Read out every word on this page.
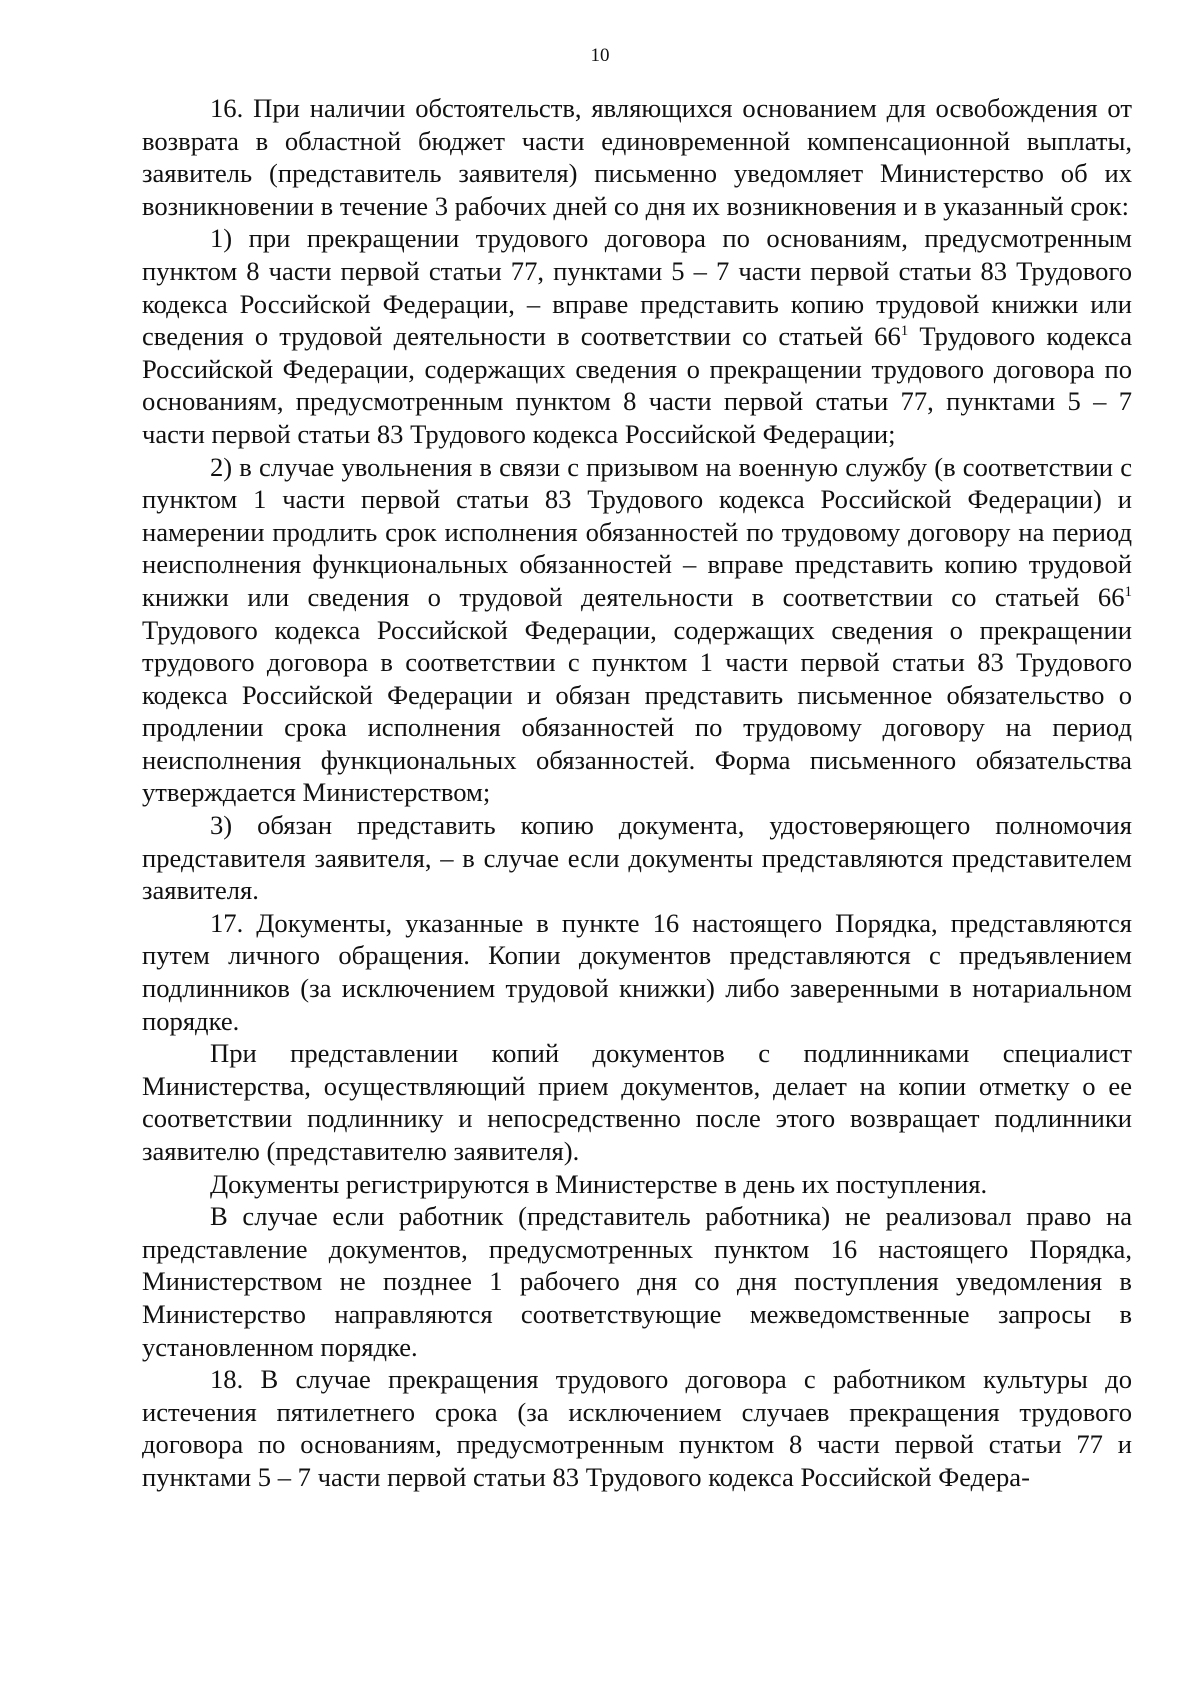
10

16. При наличии обстоятельств, являющихся основанием для освобождения от возврата в областной бюджет части единовременной компенсационной выплаты, заявитель (представитель заявителя) письменно уведомляет Министерство об их возникновении в течение 3 рабочих дней со дня их возникновения и в указанный срок:

1) при прекращении трудового договора по основаниям, предусмотренным пунктом 8 части первой статьи 77, пунктами 5 – 7 части первой статьи 83 Трудового кодекса Российской Федерации, – вправе представить копию трудовой книжки или сведения о трудовой деятельности в соответствии со статьей $66^1$ Трудового кодекса Российской Федерации, содержащих сведения о прекращении трудового договора по основаниям, предусмотренным пунктом 8 части первой статьи 77, пунктами 5 – 7 части первой статьи 83 Трудового кодекса Российской Федерации;

2) в случае увольнения в связи с призывом на военную службу (в соответствии с пунктом 1 части первой статьи 83 Трудового кодекса Российской Федерации) и намерении продлить срок исполнения обязанностей по трудовому договору на период неисполнения функциональных обязанностей – вправе представить копию трудовой книжки или сведения о трудовой деятельности в соответствии со статьей $66^1$ Трудового кодекса Российской Федерации, содержащих сведения о прекращении трудового договора в соответствии с пунктом 1 части первой статьи 83 Трудового кодекса Российской Федерации и обязан представить письменное обязательство о продлении срока исполнения обязанностей по трудовому договору на период неисполнения функциональных обязанностей. Форма письменного обязательства утверждается Министерством;

3) обязан представить копию документа, удостоверяющего полномочия представителя заявителя, – в случае если документы представляются представителем заявителя.

17. Документы, указанные в пункте 16 настоящего Порядка, представляются путем личного обращения. Копии документов представляются с предъявлением подлинников (за исключением трудовой книжки) либо заверенными в нотариальном порядке.

При представлении копий документов с подлинниками специалист Министерства, осуществляющий прием документов, делает на копии отметку о ее соответствии подлиннику и непосредственно после этого возвращает подлинники заявителю (представителю заявителя).

Документы регистрируются в Министерстве в день их поступления.

В случае если работник (представитель работника) не реализовал право на представление документов, предусмотренных пунктом 16 настоящего Порядка, Министерством не позднее 1 рабочего дня со дня поступления уведомления в Министерство направляются соответствующие межведомственные запросы в установленном порядке.

18. В случае прекращения трудового договора с работником культуры до истечения пятилетнего срока (за исключением случаев прекращения трудового договора по основаниям, предусмотренным пунктом 8 части первой статьи 77 и пунктами 5 – 7 части первой статьи 83 Трудового кодекса Российской Федера-
